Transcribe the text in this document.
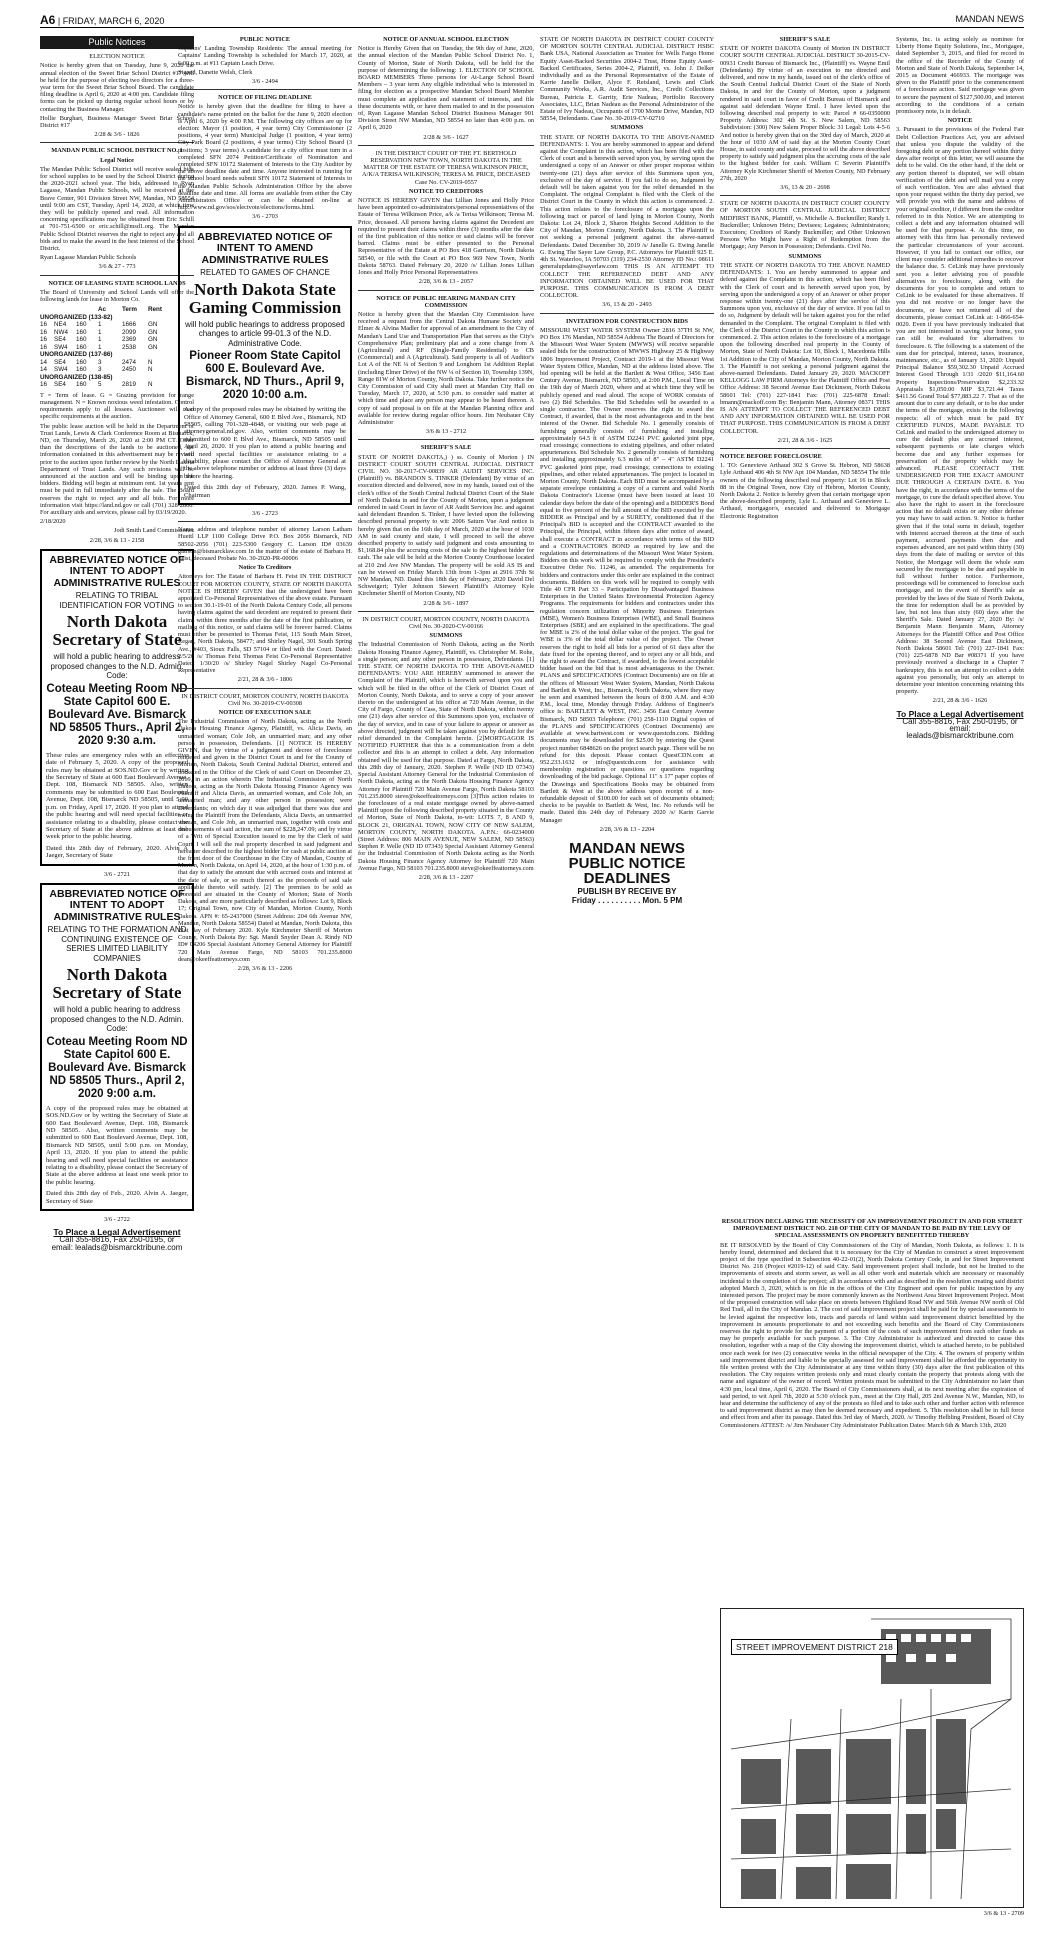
A6 | FRIDAY, MARCH 6, 2020	MANDAN NEWS
Public Notices

ELECTION NOTICE

Notice is hereby given that on Tuesday, June 9, 2020 the annual election of the Sweet Briar School District #17 will be held for the purpose of electing two directors for a three-year term for the Sweet Briar School Board. The candidate filing deadline is April 6, 2020 at 4:00 pm. Candidate filing forms can be picked up during regular school hours or by contacting the Business Manager.

Hollie Burghart, Business Manager Sweet Briar School District #17

2/28 & 3/6 - 1826

MANDAN PUBLIC SCHOOL DISTRICT NO. 1

Legal Notice

The Mandan Public School District will receive sealed bids for school supplies to be used by the School District during the 2020-2021 school year. The bids, addressed to Ryan Lagasse, Mandan Public Schools, will be received at the Brave Center, 901 Division Street NW, Mandan, ND 58554 until 9:00 am CST, Tuesday, April 14, 2020, at which time they will be publicly opened and read. All information concerning specifications may be obtained from Eric Schill at 701-751-6500 or eric.schill@msd1.org. The Mandan Public School District reserves the right to reject any and all bids and to make the award in the best interest of the School District.

Ryan Lagasse Mandan Public Schools

3/6 & 27 - 773

NOTICE OF LEASING STATE SCHOOL LANDS

The Board of University and School Lands will offer the following lands for lease in Morton Co.

Ac	Term	Rent
UNORGANIZED (133-82)
16	NE4	160	1	1666	GN
16	NW4	160	1	2099	GN
16	SE4	160	1	2369	GN
16	SW4	160	1	2538	GN
UNORGANIZED (137-86)
14	SE4	160	3	2474	N
14	SW4	160	3	2450	N
UNORGANIZED (138-85)
16	SE4	160	5	2819	N

T = Term of lease. G = Grazing provision for range management. N = Known noxious weed infestation. Control requirements apply to all lessees. Auctioneer will read specific requirements at the auction.

The public lease auction will be held in the Department of Trust Lands, Lewis & Clark Conference Room at Bismarck, ND, on Thursday, March 26, 2020 at 2:00 PM CT. Other than the descriptions of the lands to be auctioned, the information contained in this advertisement may be revised prior to the auction upon further review by the North Dakota Department of Trust Lands. Any such revisions will be announced at the auction and will be binding upon the bidders. Bidding will begin at minimum rent. 1st year's rent must be paid in full immediately after the sale. The Board reserves the right to reject any and all bids. For more information visit https://land.nd.gov or call (701) 328-2800. For auxiliary aids and services, please call by 03/19/2020.

2/18/2020

Jodi Smith Land Commissioner

2/28, 3/6 & 13 - 2158

ABBREVIATED NOTICE OF INTENT TO ADOPT ADMINISTRATIVE RULES
RELATING TO TRIBAL IDENTIFICATION FOR VOTING
North Dakota Secretary of State
will hold a public hearing to address proposed changes to the N.D. Admin. Code:
Coteau Meeting Room ND State Capitol 600 E. Boulevard Ave. Bismarck ND 58505 Thurs., April 2, 2020 9:30 a.m.
These rules are emergency rules with an effective date of February 5, 2020. A copy of the proposed rules may be obtained at SOS.ND.Gov or by writing the Secretary of State at 600 East Boulevard Avenue, Dept. 108, Bismarck ND 58505. Also, written comments may be submitted to 600 East Boulevard Avenue, Dept. 108, Bismarck ND 58505, until 5:00 p.m. on Friday, April 17, 2020. If you plan to attend the public hearing and will need special facilities or assistance relating to a disability, please contact the Secretary of State at the above address at least one week prior to the public hearing.
Dated this 28th day of February, 2020. Alvin A Jaeger, Secretary of State

3/6 - 2721

ABBREVIATED NOTICE OF INTENT TO ADOPT ADMINISTRATIVE RULES
RELATING TO THE FORMATION AND CONTINUING EXISTENCE OF SERIES LIMITED LIABILITY COMPANIES
North Dakota Secretary of State
will hold a public hearing to address proposed changes to the N.D. Admin. Code:
Coteau Meeting Room ND State Capitol 600 E. Boulevard Ave. Bismarck ND 58505 Thurs., April 2, 2020 9:00 a.m.
A copy of the proposed rules may be obtained at SOS.ND.Gov or by writing the Secretary of State at 600 East Boulevard Avenue, Dept. 108, Bismarck ND 58505. Also, written comments may be submitted to 600 East Boulevard Avenue, Dept. 108, Bismarck ND 58505, until 5:00 p.m. on Monday, April 13, 2020. If you plan to attend the public hearing and will need special facilities or assistance relating to a disability, please contact the Secretary of State at the above address at least one week prior to the public hearing.
Dated this 28th day of Feb., 2020. Alvin A. Jaeger, Secretary of State

3/6 - 2722

To Place a Legal Advertisement
Call 355-8816, Fax 250-0195, or
email: lealads@bismarcktribune.com

PUBLIC NOTICE

Captains' Landing Township Residents: The annual meeting for Captains' Landing Township is scheduled for March 17, 2020, at 6:00 p.m. at #11 Captain Leach Drive.

Signed, Danette Welsh, Clerk

3/6 - 2494

NOTICE OF FILING DEADLINE

Notice is hereby given that the deadline for filing to have a candidate's name printed on the ballot for the June 9, 2020 election is April 6, 2020 by 4:00 P.M. The following city offices are up for election: Mayor (1 position, 4 year term) City Commissioner (2 positions, 4 year term) Municipal Judge (1 position, 4 year term) City Park Board (2 positions, 4 year terms) City School Board (3 positions; 3 year terms) A candidate for a city office must turn in a completed SFN 2074 Petition/Certificate of Nomination and completed SFN 10172 Statement of Interests to the City Auditor by the above deadline date and time. Anyone interested in running for the school board needs submit SFN 10172 Statement of Interests to the Mandan Public Schools Administration Office by the above deadline date and time. All forms are available from either the City Administrators Office or can be obtained on-line at http://www.nd.gov/sos/electvote/elections/forms.html.

3/6 - 2703

ABBREVIATED NOTICE OF INTENT TO AMEND ADMINISTRATIVE RULES
RELATED TO GAMES OF CHANCE
North Dakota State Gaming Commission
will hold public hearings to address proposed changes to article 99-01.3 of the N.D. Administrative Code.
Pioneer Room State Capitol 600 E. Boulevard Ave. Bismarck, ND Thurs., April 9, 2020 10:00 a.m.
A copy of the proposed rules may be obtained by writing the Office of Attorney General, 600 E Blvd Ave., Bismarck, ND 58505, calling 701-328-4848, or visiting our web page at attorneygeneral.nd.gov. Also, written comments may be submitted to 600 E Blvd Ave., Bismarck, ND 58505 until April 20, 2020. If you plan to attend a public hearing and will need special facilities or assistance relating to a disability, please contact the Office of Attorney General at the above telephone number or address at least three (3) days before the hearing.
Dated this 28th day of February, 2020. James P. Wang, Chairman

3/6 - 2723

Name, address and telephone number of attorney Larson Latham Huettl LLP 1100 College Drive P.O. Box 2056 Bismarck, ND 58502-2056 (701) 223-5300 Gregory C. Larson ID# 03639 glarson@bismarcklaw.com In the matter of the estate of Barbara H. Feist, deceased Probate No. 30-2020-PR-00006

Notice To Creditors

Attorneys for: The Estate of Barbara H. Feist IN THE DISTRICT COURT FOR MORTON COUNTY, STATE OF NORTH DAKOTA NOTICE IS HEREBY GIVEN that the undersigned have been appointed Co-Personal Representatives of the above estate. Pursuant to section 30.1-19-01 of the North Dakota Century Code, all persons having claims against the said decedent are required to present their claims within three months after the date of the first publication, or mailing of this notice, or said claims will be forever barred. Claims must either be presented to Thomas Feist, 115 South Main Street, Regan, North Dakota, 58477; and Shirley Nagel, 301 South Spring Ave., #403, Sioux Falls, SD 57104 or filed with the Court. Dated: 2/5/20 /s/ Thomas Feist Thomas Feist Co-Personal Representative Dated: 1/30/20 /s/ Shirley Nagel Shirley Nagel Co-Personal Representative

2/21, 28 & 3/6 - 1806

IN DISTRICT COURT, MORTON COUNTY, NORTH DAKOTA Civil No. 30-2019-CV-00308

NOTICE OF EXECUTION SALE

The Industrial Commission of North Dakota, acting as the North Dakota Housing Finance Agency, Plaintiff, vs. Alicia Davis, an unmarried woman; Cole Job, an unmarried man; and any other person in possession, Defendants. [1] NOTICE IS HEREBY GIVEN, that by virtue of a judgment and decree of foreclosure rendered and given in the District Court in and for the County of Morton, North Dakota, South Central Judicial District, entered and docketed in the Office of the Clerk of said Court on December 23, 2019, in an action wherein The Industrial Commission of North Dakota, acting as the North Dakota Housing Finance Agency was Plaintiff and Alicia Davis, an unmarried woman, and Cole Job, an unmarried man; and any other person in possession; were Defendants; on which day it was adjudged that there was due and owing the Plaintiff from the Defendants, Alicia Davis, an unmarried woman, and Cole Job, an unmarried man, together with costs and disbursements of said action, the sum of $228,247.09; and by virtue of a Writ of Special Execution issued to me by the Clerk of said Court, I will sell the real property described in said judgment and hereafter described to the highest bidder for cash at public auction at the front door of the Courthouse in the City of Mandan, County of Morton, North Dakota, on April 14, 2020, at the hour of 1:30 p.m. of that day to satisfy the amount due with accrued costs and interest at the date of sale, or so much thereof as the proceeds of said sale applicable thereto will satisfy. [2] The premises to be sold as aforesaid are situated in the County of Morton; State of North Dakota, and are more particularly described as follows: Lot 9, Block 17; Original Town, now City of Mandan, Morton County, North Dakota. APN #: 65-2437000 (Street Address: 204 6th Avenue NW, Mandan, North Dakota 58554) Dated at Mandan, North Dakota, this 21st day of February 2020. Kyle Kirchmeier Sheriff of Morton County, North Dakota By: Sgt. Mandi Snyder Dean A. Rindy ND ID# 04206 Special Assistant Attorney General Attorney for Plaintiff 720 Main Avenue Fargo, ND 58103 701.235.8000 dean@okeeffeattorneys.com

2/28, 3/6 & 13 - 2206

NOTICE OF ANNUAL SCHOOL ELECTION

Notice is Hereby Given that on Tuesday, the 9th day of June, 2020, the annual election of the Mandan Public School District No. 1, County of Morton, State of North Dakota, will be held for the purpose of determining the following: 1. ELECTION OF SCHOOL BOARD MEMBERS Three persons for At-Large School Board Members – 3 year term Any eligible individual who is interested in filing for election as a prospective Mandan School Board Member must complete an application and statement of interests, and file these documents with, or have them mailed to and in the possession of, Ryan Lagasse Mandan School District Business Manager 901 Division Street NW Mandan, ND 58554 no later than 4:00 p.m. on April 6, 2020

2/28 & 3/6 - 1627

IN THE DISTRICT COURT OF THE FT. BERTHOLD RESERVATION NEW TOWN, NORTH DAKOTA IN THE MATTER OF THE ESTATE OF TERESA WILKINSON PRICE, A/K/A TERISA WILKINSON; TERESA M. PRICE, DECEASED Case No. CV-2019-0557

NOTICE TO CREDITORS

NOTICE IS HEREBY GIVEN that Lillian Jones and Holly Price have been appointed co-administrators/personal representatives of the Estate of Teresa Wilkinson Price, a/k /a Terisa Wilkinson; Teresa M. Price, deceased. All persons having claims against the Decedent are required to present their claims within three (3) months after the date of the first publication of this notice or said claims will be forever barred. Claims must be either presented to the Personal Representative of the Estate at PO Box 418 Garrison, North Dakota 58540, or file with the Court at PO Box 969 New Town, North Dakota 58763. Dated February 20, 2020 /s/ Lillian Jones Lillian Jones and Holly Price Personal Representatives

2/28, 3/6 & 13 - 2057

NOTICE OF PUBLIC HEARING MANDAN CITY COMMISSION

Notice is hereby given that the Mandan City Commission have received a request from the Central Dakota Humane Society and Elmer & Alvina Madler for approval of an amendment to the City of Mandan's Land Use and Transportation Plan that serves as the City's Comprehensive Plan; preliminary plat and a zone change from A (Agricultural) and RF (Single-Family Residential) to CB (Commercial) and A (Agricultural). Said property is all of Auditor's Lot A of the NE ¼ of Section 9 and Longhorn 1st Addition Replat (including Elmer Drive) of the NW ¼ of Section 10, Township 139N, Range 81W of Morton County, North Dakota. Take further notice the City Commission of said City shall meet at Mandan City Hall on Tuesday, March 17, 2020, at 5:30 p.m. to consider said matter at which time and place any person may appear to be heard thereon. A copy of said proposal is on file at the Mandan Planning office and available for review during regular office hours. Jim Neubauer City Administrator

3/6 & 13 - 2712

SHERIFF'S SALE

STATE OF NORTH DAKOTA,) ) ss. County of Morton ) IN DISTRICT COURT SOUTH CENTRAL JUDICIAL DISTRICT CIVIL NO. 30-2017-CV-00839 AR AUDIT SERVICES INC. (Plaintiff) vs. BRANDON S. TINKER (Defendant) By virtue of an execution directed and delivered, now in my hands, issued out of the clerk's office of the South Central Judicial District Court of the State of North Dakota in and for the County of Morton, upon a judgment rendered in said Court in favor of AR Audit Services Inc. and against said defendant Brandon S. Tinker, I have levied upon the following described personal property to wit: 2006 Saturn Vue And notice is hereby given that on the 16th day of March, 2020 at the hour of 1030 AM in said county and state, I will proceed to sell the above described property to satisfy said judgment and costs amounting to $1,168.84 plus the accruing costs of the sale to the highest bidder for cash. The sale will be held at the Morton County Courthouse located at 210 2nd Ave NW Mandan. The property will be sold AS IS and can be viewed on Friday March 13th from 1-3pm at 2916 37th St NW Mandan, ND. Dated this 18th day of February, 2020 David Del Schweigert; Tyler Johnson Siewert Plaintiff's Attorney Kyle Kirchmeier Sheriff of Morton County, ND

2/28 & 3/6 - 1897

IN DISTRICT COURT, MORTON COUNTY, NORTH DAKOTA Civil No. 30-2020-CV-00166

SUMMONS

The Industrial Commission of North Dakota, acting as the North Dakota Housing Finance Agency, Plaintiff, vs. Christopher M. Rohe, a single person; and any other person in possession, Defendants. [1] THE STATE OF NORTH DAKOTA TO THE ABOVE-NAMED DEFENDANTS: YOU ARE HEREBY summoned to answer the Complaint of the Plaintiff, which is herewith served upon you and which will be filed in the office of the Clerk of District Court of Morton County, North Dakota, and to serve a copy of your answer thereto on the undersigned at his office at 720 Main Avenue, in the City of Fargo, County of Cass, State of North Dakota, within twenty one (21) days after service of this Summons upon you, exclusive of the day of service, and in case of your failure to appear or answer as above directed, judgment will be taken against you by default for the relief demanded in the Complaint herein. [2]MORTGAGOR IS NOTIFIED FURTHER that this is a communication from a debt collector and this is an attempt to collect a debt. Any information obtained will be used for that purpose. Dated at Fargo, North Dakota, this 28th day of January, 2020. Stephen P. Welle (ND ID 07343) Special Assistant Attorney General for the Industrial Commission of North Dakota, acting as the North Dakota Housing Finance Agency Attorney for Plaintiff 720 Main Avenue Fargo, North Dakota 58103 701.235.8000 steve@okeeffeattorneys.com [3]This action relates to the foreclosure of a real estate mortgage owned by above-named Plaintiff upon the following described property situated in the County of Morton, State of North Dakota, to-wit: LOTS 7, 8 AND 9, BLOCK 21, ORIGINAL TOWN, NOW CITY OF NEW SALEM, MORTON COUNTY, NORTH DAKOTA. A.P.N.: 66-0234000 (Street Address: 806 MAIN AVENUE, NEW SALEM, ND 58563) Stephen P. Welle (ND ID 07343) Special Assistant Attorney General for the Industrial Commission of North Dakota acting as the North Dakota Housing Finance Agency Attorney for Plaintiff 720 Main Avenue Fargo, ND 58103 701.235.8000 steve@okeeffeattorneys.com

2/28, 3/6 & 13 - 2207

STATE OF NORTH DAKOTA IN DISTRICT COURT COUNTY OF MORTON SOUTH CENTRAL JUDICIAL DISTRICT HSBC Bank USA, National Association as Trustee for Wells Fargo Home Equity Asset-Backed Securities 2004-2 Trust, Home Equity Asset-Backed Certificates, Series 2004-2, Plaintiff, vs. John J. Delker individually and as the Personal Representative of the Estate of Karrie Janelle Delker, Alyce F. Reisland, Lewis and Clark Community Works, A.R. Audit Services, Inc., Credit Collections Bureau, Patricia E. Garrity, Erie Nadeau, Portfolio Recovery Associates, LLC, Brian Nadeau as the Personal Administrator of the Estate of Ivy Nadeau, Occupants of 1700 Monte Drive, Mandan, ND 58554, Defendants. Case No. 30-2019-CV-02710

SUMMONS

THE STATE OF NORTH DAKOTA TO THE ABOVE-NAMED DEFENDANTS: 1. You are hereby summoned to appear and defend against the Complaint in this action, which has been filed with the Clerk of court and is herewith served upon you, by serving upon the undersigned a copy of an Answer or other proper response within twenty-one (21) days after service of this Summons upon you, exclusive of the day of service. If you fail to do so, Judgment by default will be taken against you for the relief demanded in the Complaint. The original Complaint is filed with the Clerk of the District Court in the County in which this action is commenced. 2. This action relates to the foreclosure of a mortgage upon the following tract or parcel of land lying in Morton County, North Dakota: Lot 24, Block 2, Sharon Heights Second Addition to the City of Mandan, Morton County, North Dakota. 3. The Plaintiff is not seeking a personal judgment against the above-named Defendants. Dated December 30, 2019 /s/ Janelle G. Ewing Janelle G. Ewing The Sayer Law Group, P.C. Attorneys for Plaintiff 925 E. 4th St. Waterloo, IA 50703 (319) 234-2530 Attorney ID No.: 08611 generalupdates@sayerlaw.com THIS IS AN ATTEMPT TO COLLECT THE REFERENCED DEBT AND ANY INFORMATION OBTAINED WILL BE USED FOR THAT PURPOSE. THIS COMMUNICATION IS FROM A DEBT COLLECTOR.

3/6, 13 & 20 - 2493

INVITATION FOR CONSTRUCTION BIDS

MISSOURI WEST WATER SYSTEM Owner 2816 37TH St NW, PO Box 176 Mandan, ND 58554 Address The Board of Directors for the Missouri West Water System (MWWS) will receive separable sealed bids for the construction of MWWS Highway 25 & Highway 1806 Improvement Project, Contract 2019-1 at the Missouri West Water System Office, Mandan, ND at the address listed above. The bid opening will be held at the Bartlett & West Office, 3456 East Century Avenue, Bismarck, ND 58503, at 2:00 P.M., Local Time on the 19th day of March 2020, where and at which time they will be publicly opened and read aloud. The scope of WORK consists of two (2) Bid Schedules. The Bid Schedules will be awarded to a single contractor. The Owner reserves the right to award the Contract, if awarded, that is the most advantageous and in the best interest of the Owner. Bid Schedule No. 1 generally consists of furnishing generally consists of furnishing and installing approximately 64.5 ft of ASTM D2241 PVC gasketed joint pipe, road crossings; connections to existing pipelines, and other related appurtenances. Bid Schedule No. 2 generally consists of furnishing and installing approximately 6.3 miles of 8" – 4" ASTM D2241 PVC gasketed joint pipe, road crossings; connections to existing pipelines, and other related appurtenances. The project is located in Morton County, North Dakota. Each BID must be accompanied by a separate envelope containing a copy of a current and valid North Dakota Contractor's License (must have been issued at least 10 calendar days before the date of the opening) and a BIDDER'S Bond equal to five percent of the full amount of the BID executed by the BIDDER as Principal and by a SURETY, conditioned that if the Principal's BID is accepted and the CONTRACT awarded to the Principal, the Principal, within fifteen days after notice of award, shall execute a CONTRACT in accordance with terms of the BID and a CONTRACTOR'S BOND as required by law and the regulations and determinations of the Missouri West Water System. Bidders on this work will be required to comply with the President's Executive Order No. 11246, as amended. The requirements for bidders and contractors under this order are explained in the contract documents. Bidders on this work will be required to comply with Title 40 CFR Part 33 – Participation by Disadvantaged Business Enterprises in the United States Environmental Protection Agency Programs. The requirements for bidders and contractors under this regulation concern utilization of Minority Business Enterprises (MBE), Women's Business Enterprises (WBE), and Small Business Enterprises (SBE) and are explained in the specifications. The goal for MBE is 2% of the total dollar value of the project. The goal for WBE is 3% of the total dollar value of the project. The Owner reserves the right to hold all bids for a period of 61 days after the date fixed for the opening thereof, and to reject any or all bids, and the right to award the Contract, if awarded, to the lowest acceptable bidder based on the bid that is most advantageous to the Owner. PLANS and SPECIFICATIONS (Contract Documents) are on file at the offices of Missouri West Water System, Mandan, North Dakota and Bartlett & West, Inc., Bismarck, North Dakota, where they may be seen and examined between the hours of 8:00 A.M. and 4:30 P.M., local time, Monday through Friday. Address of Engineer's office is: BARTLETT & WEST, INC. 3456 East Century Avenue Bismarck, ND 58503 Telephone: (701) 258-1110 Digital copies of the PLANS and SPECIFICATIONS (Contract Documents) are available at www.bartwest.com or www.questcdn.com. Bidding documents may be downloaded for $25.00 by entering the Quest project number 6848626 on the project search page. There will be no refund for this deposit. Please contact QuestCDN.com at 952.233.1632 or info@questcdn.com for assistance with membership registration or questions or questions regarding downloading of the bid package. Optional 11" x 17" paper copies of the Drawings and Specifications Books may be obtained from Bartlett & West at the above address upon receipt of a non-refundable deposit of $100.00 for each set of documents obtained; checks to be payable to Bartlett & West, Inc. No refunds will be made. Dated this 24th day of February 2020 /s/ Karin Garvie Manager

2/28, 3/6 & 13 - 2204

MANDAN NEWS PUBLIC NOTICE DEADLINES
PUBLISH BY RECEIVE BY
Friday . . . . . . . . . . Mon. 5 PM

SHERIFF'S SALE

STATE OF NORTH DAKOTA County of Morton IN DISTRICT COURT SOUTH CENTRAL JUDICIAL DISTRICT 30-2015-CV-00931 Credit Bureau of Bismarck Inc., (Plaintiff) vs. Wayne Emil (Defendants) By virtue of an execution to me directed and delivered, and now in my hands, issued out of the clerk's office of the South Central Judicial District Court of the State of North Dakota, in and for the County of Morton, upon a judgment rendered in said court in favor of Credit Bureau of Bismarck and against said defendant Wayne Emil. I have levied upon the following described real property to wit: Parcel # 66-0350000 Property Address: 302 4th St. S. New Salem, ND 58563 Subdivision: (300) New Salem Proper Block: 31 Legal: Lots 4-5-6 And notice is hereby given that on the 30rd day of March, 2020 at the hour of 1030 AM of said day at the Morton County Court House, in said county and state, proceed to sell the above described property to satisfy said judgment plus the accruing costs of the sale to the highest bidder for cash. William C Severin Plaintiff's Attorney Kyle Kirchmeier Sheriff of Morton County, ND February 27th, 2020

3/6, 13 & 20 - 2698

STATE OF NORTH DAKOTA IN DISTRICT COURT COUNTY OF MORTON SOUTH CENTRAL JUDICIAL DISTRICT MIDFIRST BANK, Plaintiff, vs. Michelle A. Buckmiller; Randy L Buckmiller; Unknown Heirs; Devisees; Legatees; Administrators; Executors; Creditors of Randy Buckmiller; and Other Unknown Persons Who Might have a Right of Redemption from the Mortgage; Any Person in Possession; Defendants. Civil No.

SUMMONS

THE STATE OF NORTH DAKOTA TO THE ABOVE NAMED DEFENDANTS: 1. You are hereby summoned to appear and defend against the Complaint in this action, which has been filed with the Clerk of court and is herewith served upon you, by serving upon the undersigned a copy of an Answer or other proper response within twenty-one (21) days after the service of this Summons upon you, exclusive of the day of service. If you fail to do so, Judgment by default will be taken against you for the relief demanded in the Complaint. The original Complaint is filed with the Clerk of the District Court in the County in which this action is commenced. 2. This action relates to the foreclosure of a mortgage upon the following described real property in the County of Morton, State of North Dakota: Lot 10, Block 1, Macedonia Hills 1st Addition to the City of Mandan, Morton County, North Dakota. 3. The Plaintiff is not seeking a personal judgment against the above-named Defendants. Dated January 29, 2020. MACKOFF KELLOGG LAW FIRM Attorneys for the Plaintiff Office and Post Office Address: 38 Second Avenue East Dickinson, North Dakota 58601 Tel: (701) 227-1841 Fax: (701) 225-6878 Email: bmann@mackoff.com By: Benjamin Mann, Attorney 08371 THIS IS AN ATTEMPT TO COLLECT THE REFERENCED DEBT AND ANY INFORMATION OBTAINED WILL BE USED FOR THAT PURPOSE. THIS COMMUNICATION IS FROM A DEBT COLLECTOR.

2/21, 28 & 3/6 - 1625

NOTICE BEFORE FORECLOSURE

1. TO: Genevieve Arthaud 302 S Grove St. Hebron, ND 58638 Lyle Arthaud 406 4th St NW Apt 104 Mandan, ND 58554 The title owners of the following described real property: Lot 16 in Block 88 in the Original Town, now City of Hebron, Morton County, North Dakota 2. Notice is hereby given that certain mortgage upon the above-described property, Lyle L. Arthaud and Genevieve L. Arthaud, mortgagor/s, executed and delivered to Mortgage Electronic Registration

Systems, Inc. is acting solely as nominee for Liberty Home Equity Solutions, Inc., Mortgagee, dated September 3, 2015, and filed for record in the office of the Recorder of the County of Morton and State of North Dakota, September 14, 2015 as Document 466933. The mortgage was given to the Plaintiff prior to the commencement of a foreclosure action. Said mortgage was given to secure the payment of $127,500.00, and interest according to the conditions of a certain promissory note, is in default.

NOTICE

3. Pursuant to the provisions of the Federal Fair Debt Collection Practices Act, you are advised that unless you dispute the validity of the foregoing debt or any portion thereof within thirty days after receipt of this letter, we will assume the debt to be valid. On the other hand, if the debt or any portion thereof is disputed, we will obtain verification of the debt and will mail you a copy of such verification. You are also advised that upon your request within the thirty day period, we will provide you with the name and address of your original creditor, if different from the creditor referred to in this Notice. We are attempting to collect a debt and any information obtained will be used for that purpose. 4. At this time, no attorney with this firm has personally reviewed the particular circumstances of your account. However, if you fail to contact our office, our client may consider additional remedies to recover the balance due. 5. CeLink may have previously sent you a letter advising you of possible alternatives to foreclosure, along with the documents for you to complete and return to CeLink to be evaluated for these alternatives. If you did not receive or no longer have the documents, or have not returned all of the documents, please contact CeLink at: 1-866-654-0020. Even if you have previously indicated that you are not interested in saving your home, you can still be evaluated for alternatives to foreclosure. 6. The following is a statement of the sum due for principal, interest, taxes, insurance, maintenance, etc., as of January 31, 2020: Unpaid Principal Balance $59,302.30 Unpaid Accrued Interest Good Through 1/31 /2020 $11,164.60 Property Inspections/Preservation $2,233.32 Appraisals $1,050.00 MIP $3,721.44 Taxes $411.56 Grand Total $77,883.22 7. That as of the amount due to cure any default, or to be due under the terms of the mortgage, exists in the following respects: all of which must be paid BY CERTIFIED FUNDS, MADE PAYABLE TO CeLink and mailed to the undersigned attorney to cure the default plus any accrued interest, subsequent payments or late charges which become due and any further expenses for preservation of the property which may be advanced. PLEASE CONTACT THE UNDERSIGNED FOR THE EXACT AMOUNT DUE THROUGH A CERTAIN DATE. 8. You have the right, in accordance with the terms of the mortgage, to cure the default specified above. You also have the right to assert in the foreclosure action that no default exists or any other defense you may have to said action. 9. Notice is further given that if the total sums in default, together with interest accrued thereon at the time of such payment, accrued payments then due and expenses advanced, are not paid within thirty (30) days from the date of mailing or service of this Notice, the Mortgage will deem the whole sum secured by the mortgage to be due and payable in full without further notice. Furthermore, proceedings will be commenced to foreclose such mortgage, and in the event of Sheriff's sale as provided by the laws of the State of North Dakota, the time for redemption shall be as provided by law, but not less than sixty (60) days after the Sheriff's Sale. Dated January 27, 2020 By: /s/ Benjamin Mann Benjamin Mann, Attorney Attorneys for the Plaintiff Office and Post Office Address: 38 Second Avenue East Dickinson, North Dakota 58601 Tel: (701) 227-1841 Fax: (701) 225-6878 ND Bar #08371 If you have previously received a discharge in a Chapter 7 bankruptcy, this is not an attempt to collect a debt against you personally, but only an attempt to determine your intention concerning retaining this property.

2/21, 28 & 3/6 - 1626

To Place a Legal Advertisement
Call 355-8816, Fax 250-0195, or
email: lealads@bismarcktribune.com

RESOLUTION DECLARING THE NECESSITY OF AN IMPROVEMENT PROJECT IN AND FOR STREET IMPROVEMENT DISTRICT NO. 218 OF THE CITY OF MANDAN TO BE PAID BY THE LEVY OF SPECIAL ASSESSMENTS ON PROPERTY BENEFITTED THEREBY

BE IT RESOLVED by the Board of City Commissioners of the City of Mandan, North Dakota, as follows: 1. It is hereby found, determined and declared that it is necessary for the City of Mandan to construct a street improvement project of the type specified in Subsection 40-22-01(2), North Dakota Century Code, in and for Street Improvement District No. 218 (Project #2019-12) of said City. Said improvement project shall include, but not be limited to the improvements of streets and storm sewer, as well as all other work and materials which are necessary or reasonably incidental to the completion of the project; all in accordance with and as described in the resolution creating said district adopted March 3, 2020, which is on file in the offices of the City Engineer and open for public inspection by any interested person. The project may be more commonly known as the Northwest Area Street Improvement Project. Most of the proposed construction will take place on streets between Highland Road NW and 56th Avenue NW north of Old Red Trail, all in the City of Mandan. 2. The cost of said improvement project shall be paid for by special assessments to be levied against the respective lots, tracts and parcels of land within said improvement district benefitted by the improvement in amounts proportionate to and not exceeding such benefits and the Board of City Commissioners reserves the right to provide for the payment of a portion of the costs of such improvement from such other funds as may be properly available for such purpose. 3. The City Administrator is authorized and directed to cause this resolution, together with a map of the City showing the improvement district, which is attached hereto, to be published once each week for two (2) consecutive weeks in the official newspaper of the City. 4. The owners of property within said improvement district and liable to be specially assessed for said improvement shall be afforded the opportunity to file written protest with the City Administrator at any time within thirty (30) days after the first publication of this resolution. The City requires written protests only and must clearly contain the property that protests along with the name and signature of the owner of record. Written protests must be submitted to the City Administrator no later than 4:30 pm, local time, April 6, 2020. The Board of City Commissioners shall, at its next meeting after the expiration of said period, to wit April 7th, 2020 at 5:30 o'clock p.m., meet at the City Hall, 205 2nd Avenue N.W., Mandan, ND, to hear and determine the sufficiency of any of the protests so filed and to take such other and further action with reference to said improvement district as may then be deemed necessary and expedient. 5. This resolution shall be in full force and effect from and after its passage. Dated this 3rd day of March, 2020. /s/ Timothy Helbling President, Board of City Commissioners ATTEST: /s/ Jim Neubauer City Administrator Publication Dates: March 6th & March 13th, 2020

STREET IMPROVEMENT DISTRICT 218
3/6 & 13 - 2709
